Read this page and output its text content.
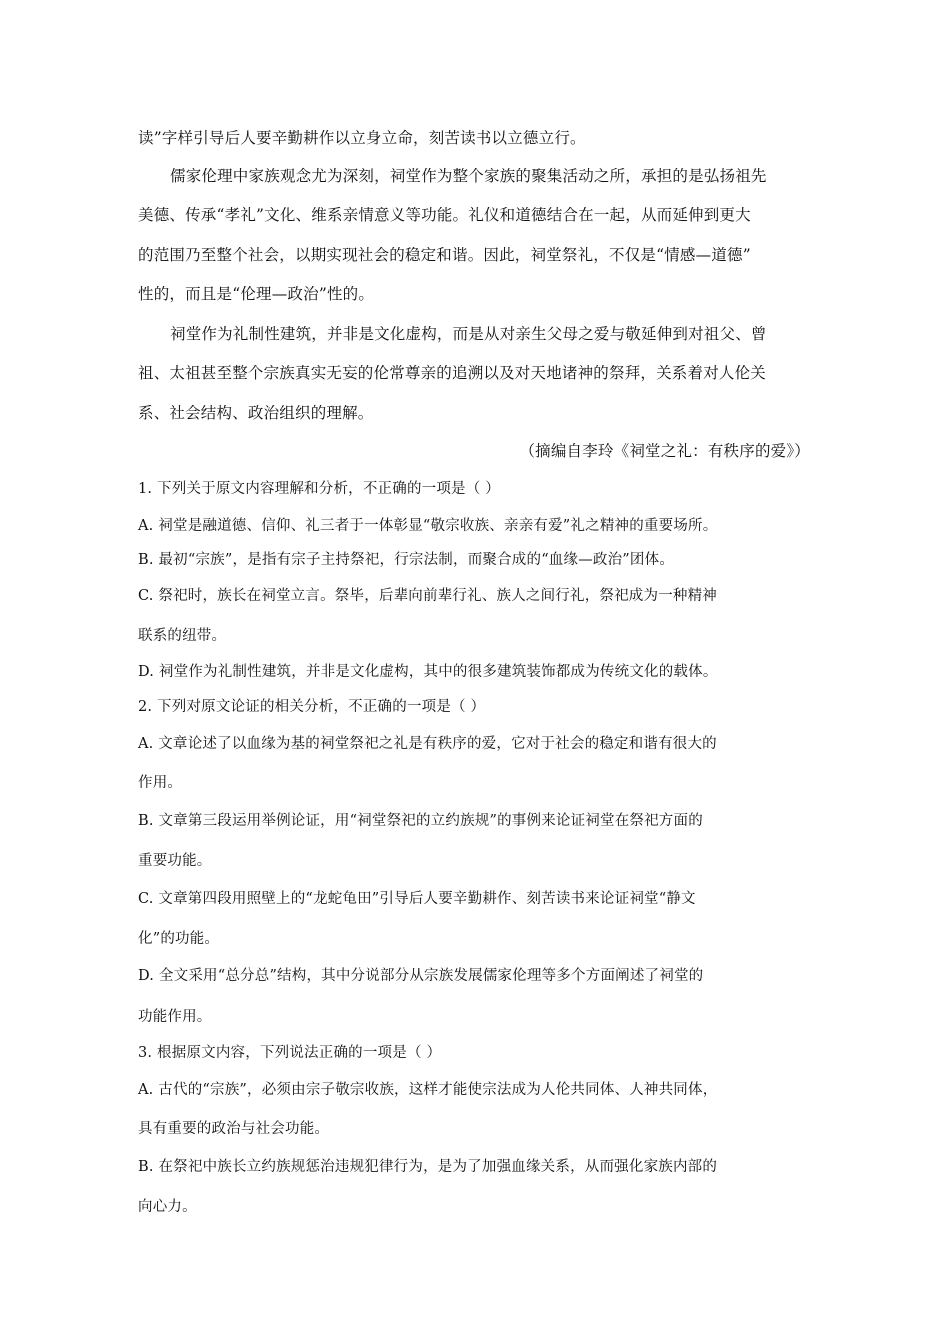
读”字样引导后人要辛勤耕作以立身立命，刻苦读书以立德立行。
儒家伦理中家族观念尤为深刻，祠堂作为整个家族的聚集活动之所，承担的是弘扬祖先
美德、传承“孝礼”文化、维系亲情意义等功能。礼仪和道德结合在一起，从而延伸到更大
的范围乃至整个社会，以期实现社会的稳定和谐。因此，祠堂祭礼，不仅是“情感—道德”
性的，而且是“伦理—政治”性的。
祠堂作为礼制性建筑，并非是文化虚构，而是从对亲生父母之爱与敬延伸到对祖父、曾
祖、太祖甚至整个宗族真实无妄的伦常尊亲的追溯以及对天地诸神的祭拜，关系着对人伦关
系、社会结构、政治组织的理解。
（摘编自李玲《祠堂之礼：有秩序的爱》）
1. 下列关于原文内容理解和分析，不正确的一项是（ ）
A. 祠堂是融道德、信仰、礼三者于一体彰显“敬宗收族、亲亲有爱”礼之精神的重要场所。
B. 最初“宗族”，是指有宗子主持祭祀，行宗法制，而聚合成的“血缘—政治”团体。
C. 祭祀时，族长在祠堂立言。祭毕，后辈向前辈行礼、族人之间行礼，祭祀成为一种精神
联系的纽带。
D. 祠堂作为礼制性建筑，并非是文化虚构，其中的很多建筑装饰都成为传统文化的载体。
2. 下列对原文论证的相关分析，不正确的一项是（ ）
A. 文章论述了以血缘为基的祠堂祭祀之礼是有秩序的爱，它对于社会的稳定和谐有很大的
作用。
B. 文章第三段运用举例论证，用“祠堂祭祀的立约族规”的事例来论证祠堂在祭祀方面的
重要功能。
C. 文章第四段用照壁上的“龙蛇龟田”引导后人要辛勤耕作、刻苦读书来论证祠堂“静文
化”的功能。
D. 全文采用“总分总”结构，其中分说部分从宗族发展儒家伦理等多个方面阐述了祠堂的
功能作用。
3. 根据原文内容，下列说法正确的一项是（ ）
A. 古代的“宗族”，必须由宗子敬宗收族，这样才能使宗法成为人伦共同体、人神共同体，
具有重要的政治与社会功能。
B. 在祭祀中族长立约族规惩治违规犯律行为，是为了加强血缘关系，从而强化家族内部的
向心力。
